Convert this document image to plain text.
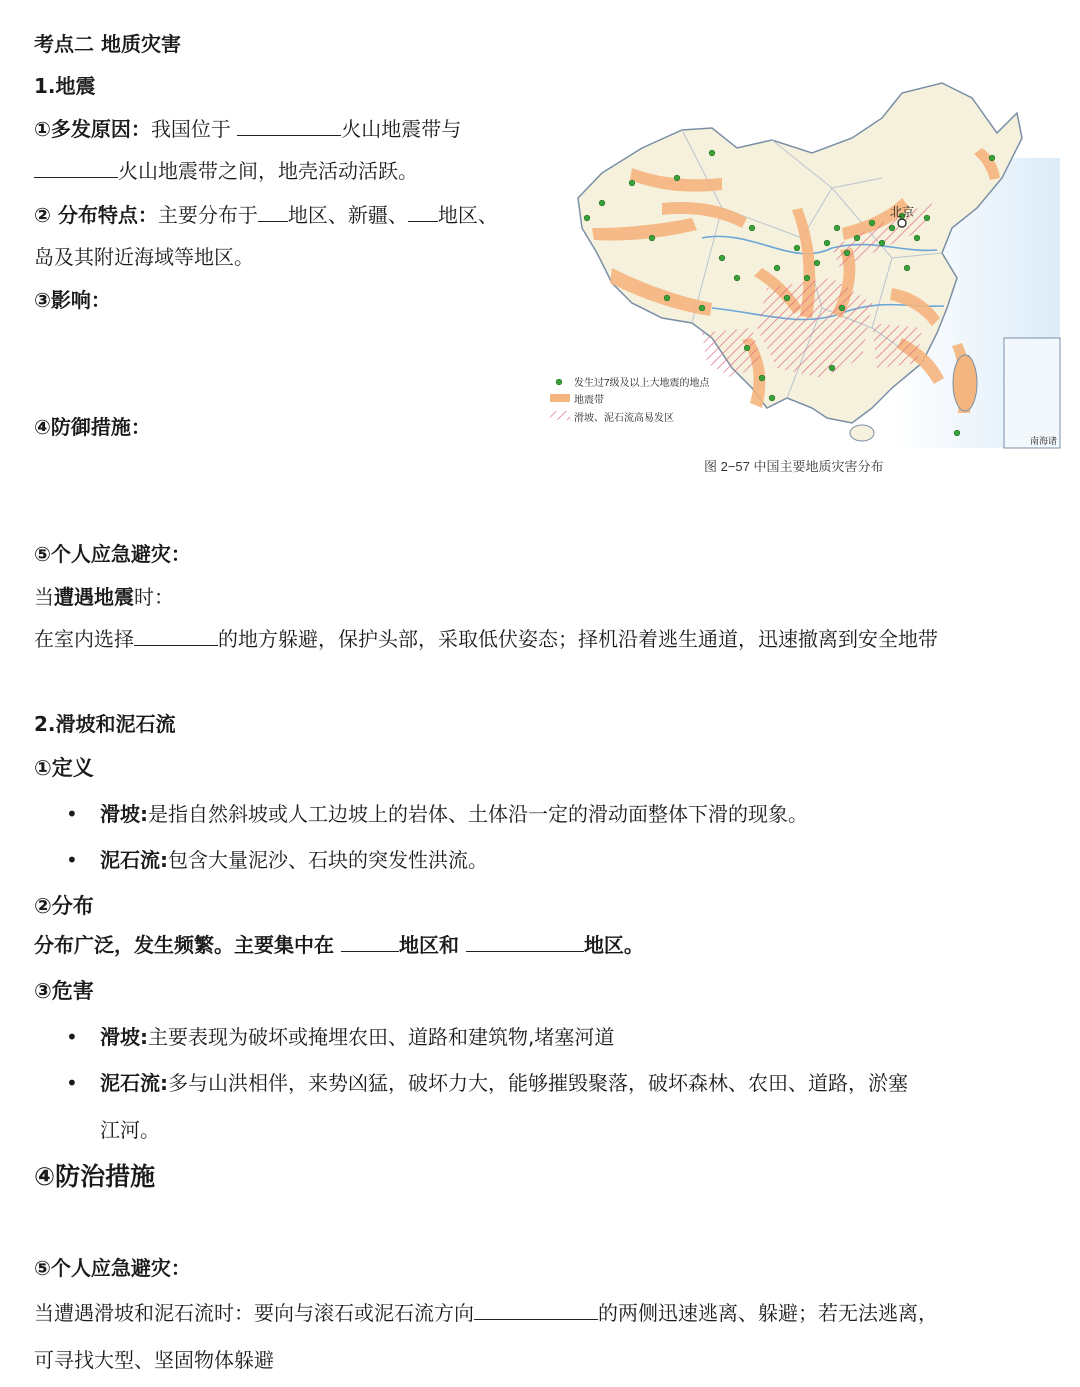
考点二 地质灾害
1.地震
①多发原因：我国位于	火山地震带与
火山地震带之间，地壳活动活跃。
② 分布特点：主要分布于 地区、新疆、 地区、
岛及其附近海域等地区。
③影响：
④防御措施：
⑤个人应急避灾：
当遭遇地震时：
在室内选择	的地方躲避，保护头部，采取低伏姿态；择机沿着逃生通道，迅速撤离到安全地带
北京
南海诸
发生过7级及以上大地震的地点
地震带
滑坡、泥石流高易发区
图 2−57 中国主要地质灾害分布
2.滑坡和泥石流
①定义
• 滑坡:是指自然斜坡或人工边坡上的岩体、土体沿一定的滑动面整体下滑的现象。
• 泥石流:包含大量泥沙、石块的突发性洪流。
②分布
分布广泛，发生频繁。主要集中在	地区和	地区。
③危害
• 滑坡:主要表现为破坏或掩埋农田、道路和建筑物,堵塞河道
• 泥石流:多与山洪相伴，来势凶猛，破坏力大，能够摧毁聚落，破坏森林、农田、道路，淤塞
江河。
④防治措施
⑤个人应急避灾：
当遭遇滑坡和泥石流时：要向与滚石或泥石流方向	的两侧迅速逃离、躲避；若无法逃离，
可寻找大型、坚固物体躲避
